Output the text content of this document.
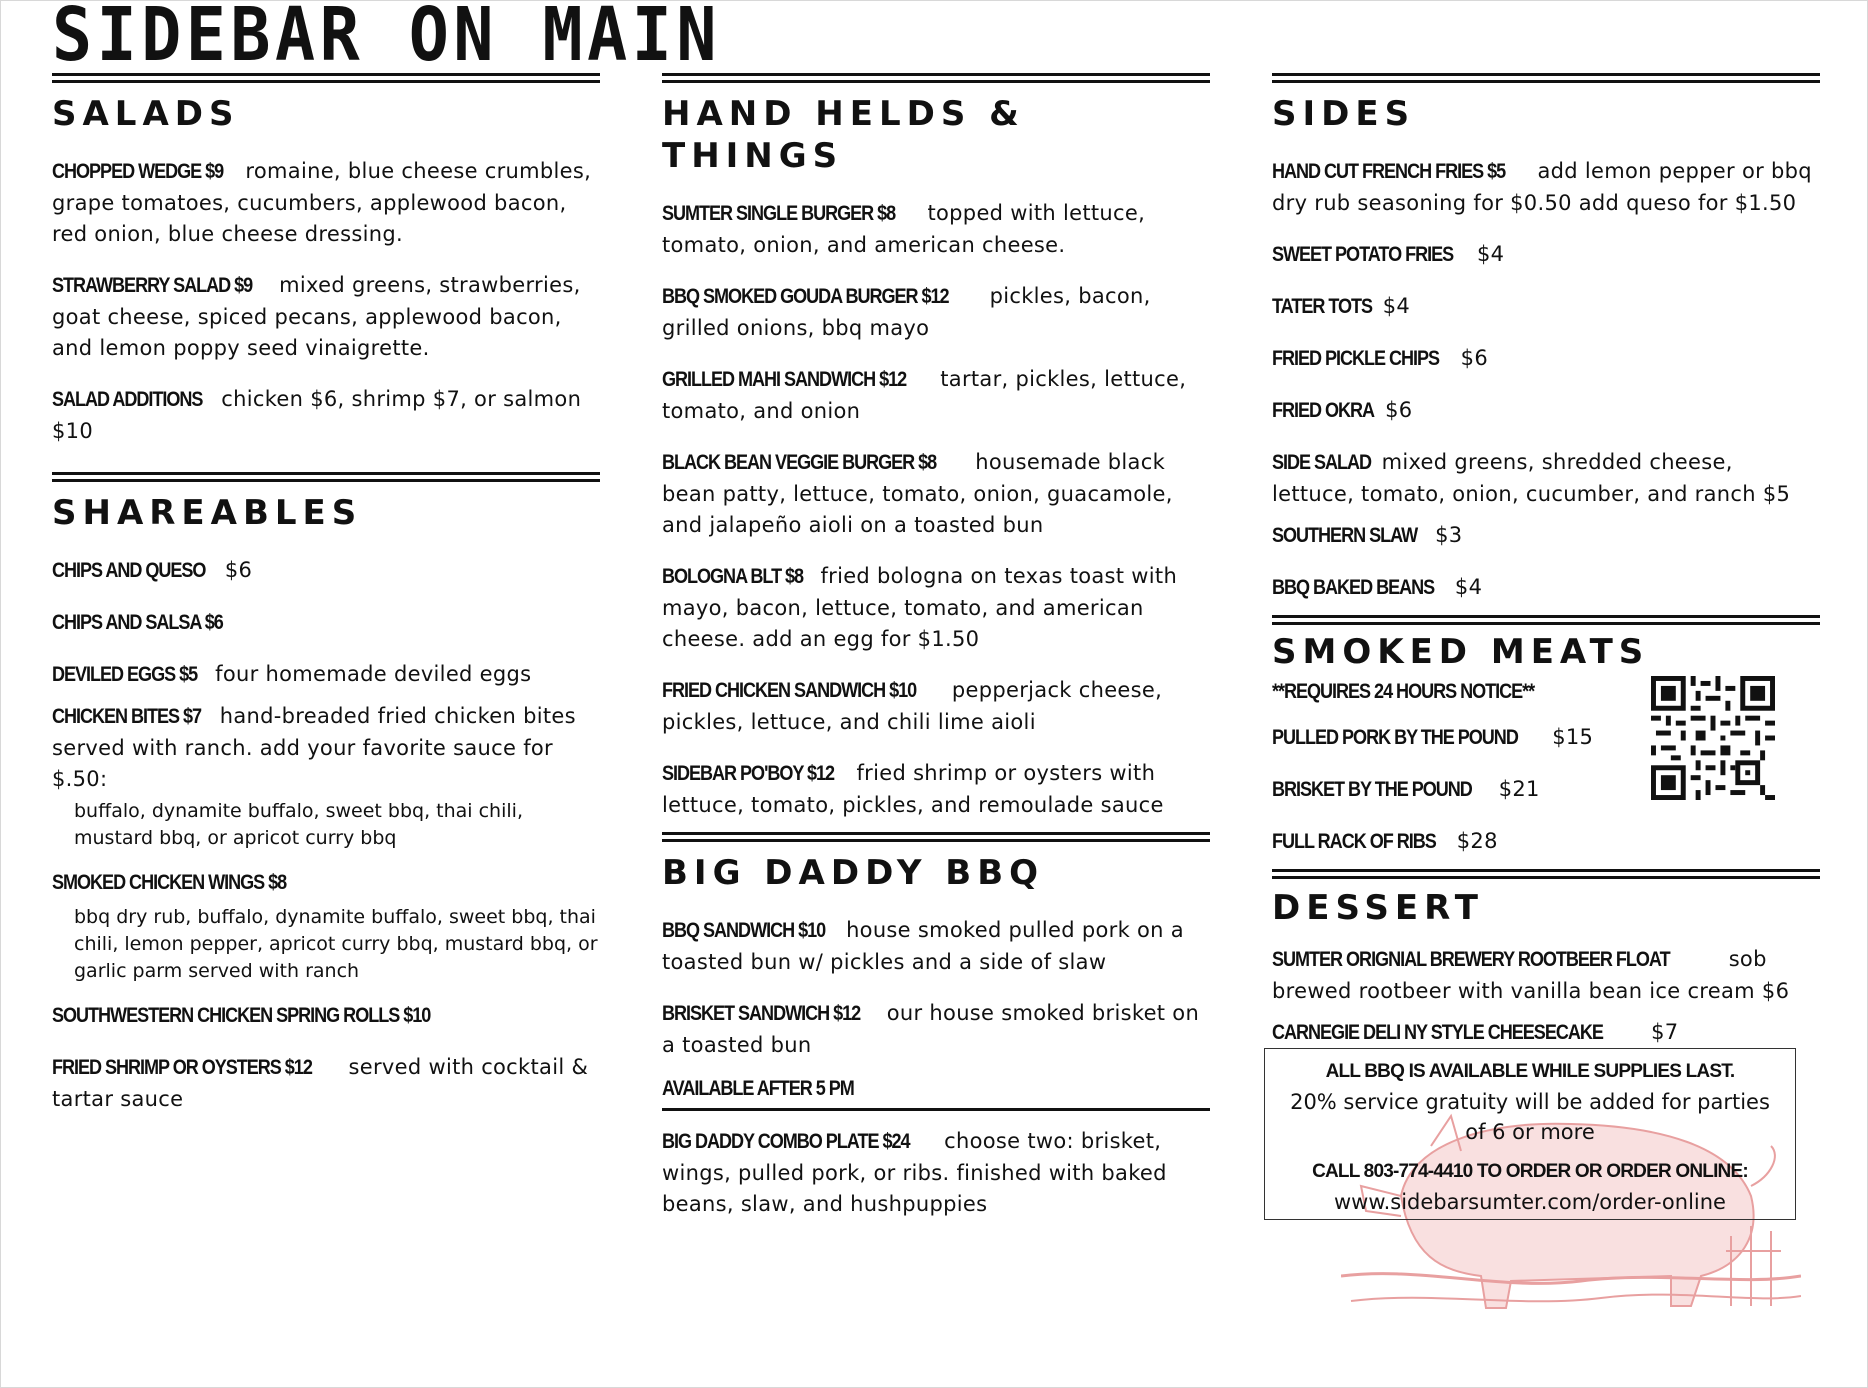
SIDEBAR ON MAIN
SALADS

CHOPPED WEDGE $9 romaine, blue cheese crumbles, grape tomatoes, cucumbers, applewood bacon, red onion, blue cheese dressing.

STRAWBERRY SALAD $9 mixed greens, strawberries, goat cheese, spiced pecans, applewood bacon, and lemon poppy seed vinaigrette.

SALAD ADDITIONS chicken $6, shrimp $7, or salmon $10

SHAREABLES

CHIPS AND QUESO $6

CHIPS AND SALSA $6

DEVILED EGGS $5 four homemade deviled eggs

CHICKEN BITES $7 hand-breaded fried chicken bites served with ranch. add your favorite sauce for $.50:

buffalo, dynamite buffalo, sweet bbq, thai chili, mustard bbq, or apricot curry bbq

SMOKED CHICKEN WINGS $8

bbq dry rub, buffalo, dynamite buffalo, sweet bbq, thai chili, lemon pepper, apricot curry bbq, mustard bbq, or garlic parm served with ranch

SOUTHWESTERN CHICKEN SPRING ROLLS $10

FRIED SHRIMP OR OYSTERS $12 served with cocktail & tartar sauce

HAND HELDS & THINGS

SUMTER SINGLE BURGER $8 topped with lettuce, tomato, onion, and american cheese.

BBQ SMOKED GOUDA BURGER $12 pickles, bacon, grilled onions, bbq mayo

GRILLED MAHI SANDWICH $12 tartar, pickles, lettuce, tomato, and onion

BLACK BEAN VEGGIE BURGER $8 housemade black bean patty, lettuce, tomato, onion, guacamole, and jalapeño aioli on a toasted bun

BOLOGNA BLT $8 fried bologna on texas toast with mayo, bacon, lettuce, tomato, and american cheese. add an egg for $1.50

FRIED CHICKEN SANDWICH $10 pepperjack cheese, pickles, lettuce, and chili lime aioli

SIDEBAR PO'BOY $12 fried shrimp or oysters with lettuce, tomato, pickles, and remoulade sauce

BIG DADDY BBQ

BBQ SANDWICH $10 house smoked pulled pork on a toasted bun w/ pickles and a side of slaw

BRISKET SANDWICH $12 our house smoked brisket on a toasted bun

AVAILABLE AFTER 5 PM

BIG DADDY COMBO PLATE $24 choose two: brisket, wings, pulled pork, or ribs. finished with baked beans, slaw, and hushpuppies

SIDES

HAND CUT FRENCH FRIES $5 add lemon pepper or bbq dry rub seasoning for $0.50 add queso for $1.50

SWEET POTATO FRIES $4

TATER TOTS $4

FRIED PICKLE CHIPS $6

FRIED OKRA $6

SIDE SALAD mixed greens, shredded cheese, lettuce, tomato, onion, cucumber, and ranch $5

SOUTHERN SLAW $3

BBQ BAKED BEANS $4

SMOKED MEATS

**REQUIRES 24 HOURS NOTICE**

PULLED PORK BY THE POUND $15

BRISKET BY THE POUND $21

FULL RACK OF RIBS $28

DESSERT

SUMTER ORIGNIAL BREWERY ROOTBEER FLOAT	sob brewed rootbeer with vanilla bean ice cream $6

CARNEGIE DELI NY STYLE CHEESECAKE $7

ALL BBQ IS AVAILABLE WHILE SUPPLIES LAST.

20% service gratuity will be added for parties of 6 or more

CALL 803-774-4410 TO ORDER OR ORDER ONLINE:

www.sidebarsumter.com/order-online
